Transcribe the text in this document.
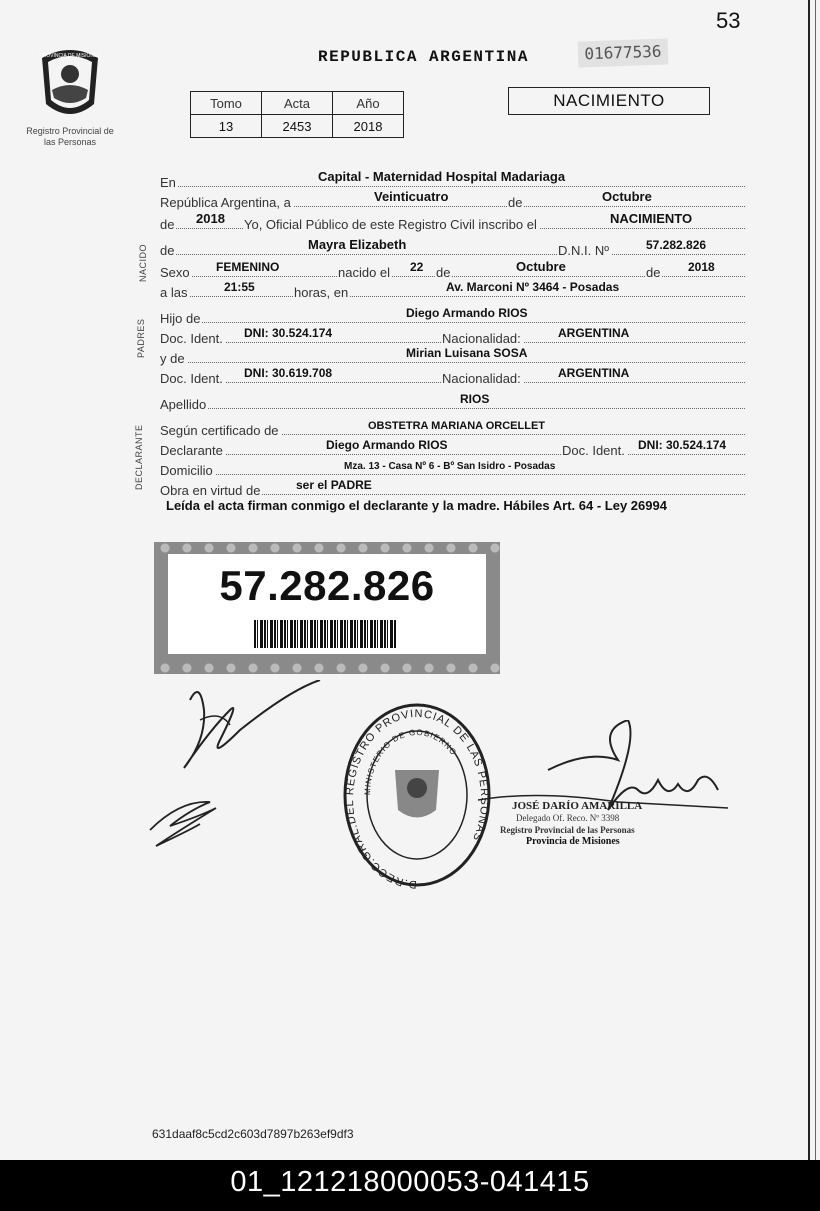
53
PROVINCIA DE MISIONES
Registro Provincial de las Personas
REPUBLICA ARGENTINA	01677536
Tomo	Acta	Año
13	2453	2018
NACIMIENTO
En	Capital - Maternidad Hospital Madariaga
República Argentina, a	Veinticuatro	de	Octubre
de 2018 Yo, Oficial Público de este Registro Civil inscribo el	NACIMIENTO
de	Mayra Elizabeth	D.N.I. Nº	57.282.826
Sexo FEMENINO	nacido el 22 de	Octubre	de 2018
a las	21:55	horas, en	Av. Marconi Nº 3464 - Posadas
Hijo de	Diego Armando RIOS
Doc. Ident. DNI: 30.524.174	Nacionalidad:	ARGENTINA
y de	Mirian Luisana SOSA
Doc. Ident. DNI: 30.619.708	Nacionalidad:	ARGENTINA
Apellido	RIOS
Según certificado de	OBSTETRA MARIANA ORCELLET
Declarante	Diego Armando RIOS	Doc. Ident. DNI: 30.524.174
Domicilio	Mza. 13 - Casa Nº 6 - Bº San Isidro - Posadas
Obra en virtud de	ser el PADRE
NACIDO
PADRES
DECLARANTE
Leída el acta firman conmigo el declarante y la madre. Hábiles Art. 64 - Ley 26994
57.282.826
D.RECC.GRAL.DEL REGISTRO PROVINCIAL DE LAS PERSONAS
MINISTERIO DE GOBIERNO
JOSÉ DARÍO AMARILLA
Delegado Of. Reco. Nº 3398
Registro Provincial de las Personas
Provincia de Misiones
631daaf8c5cd2c603d7897b263ef9df3
01_121218000053-041415
